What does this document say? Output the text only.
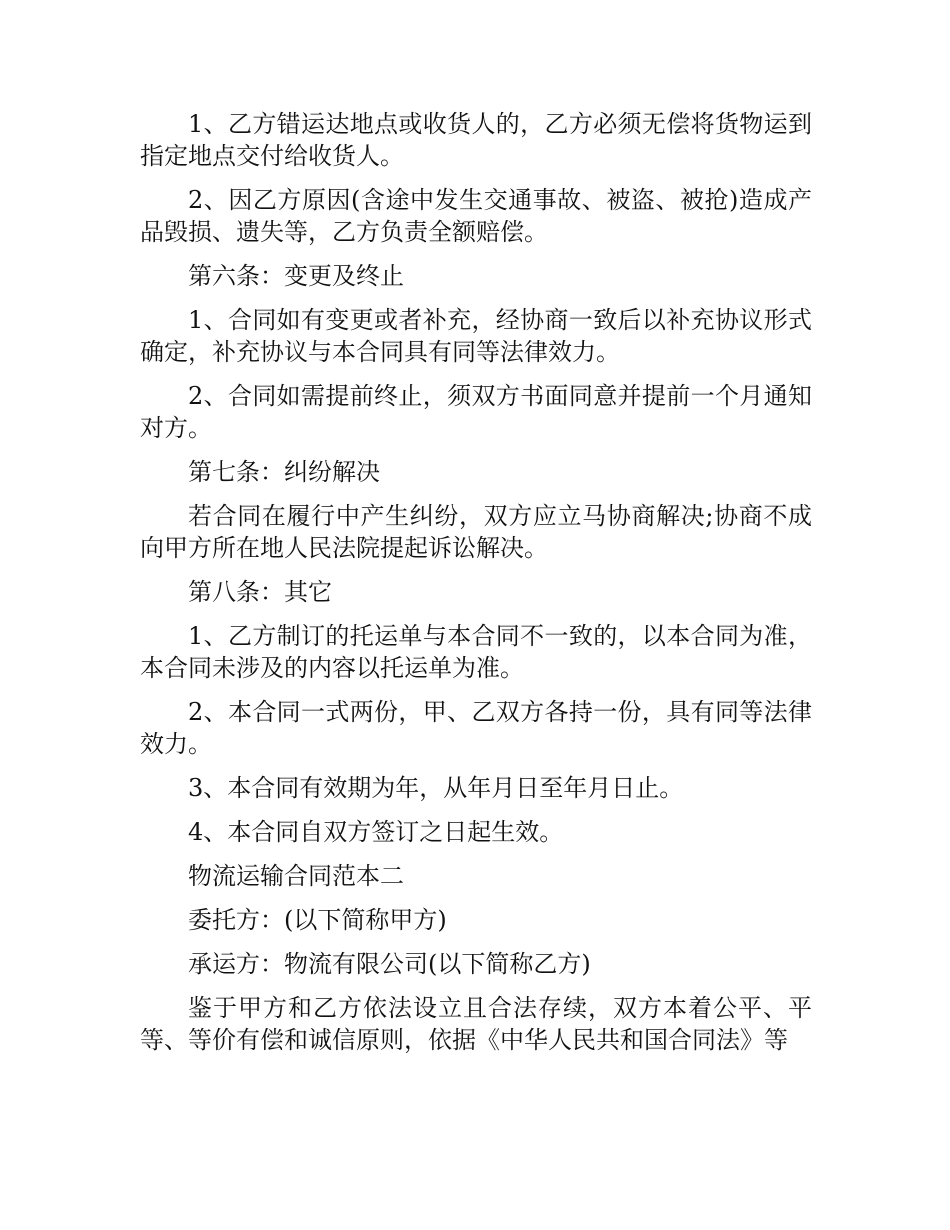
1、乙方错运达地点或收货人的，乙方必须无偿将货物运到指定地点交付给收货人。

2、因乙方原因(含途中发生交通事故、被盗、被抢)造成产品毁损、遗失等，乙方负责全额赔偿。

第六条：变更及终止

1、合同如有变更或者补充，经协商一致后以补充协议形式确定，补充协议与本合同具有同等法律效力。

2、合同如需提前终止，须双方书面同意并提前一个月通知对方。

第七条：纠纷解决

若合同在履行中产生纠纷，双方应立马协商解决;协商不成向甲方所在地人民法院提起诉讼解决。

第八条：其它

1、乙方制订的托运单与本合同不一致的，以本合同为准，本合同未涉及的内容以托运单为准。

2、本合同一式两份，甲、乙双方各持一份，具有同等法律效力。

3、本合同有效期为年，从年月日至年月日止。

4、本合同自双方签订之日起生效。

物流运输合同范本二

委托方：(以下简称甲方)

承运方：物流有限公司(以下简称乙方)

鉴于甲方和乙方依法设立且合法存续，双方本着公平、平等、等价有偿和诚信原则，依据《中华人民共和国合同法》等
